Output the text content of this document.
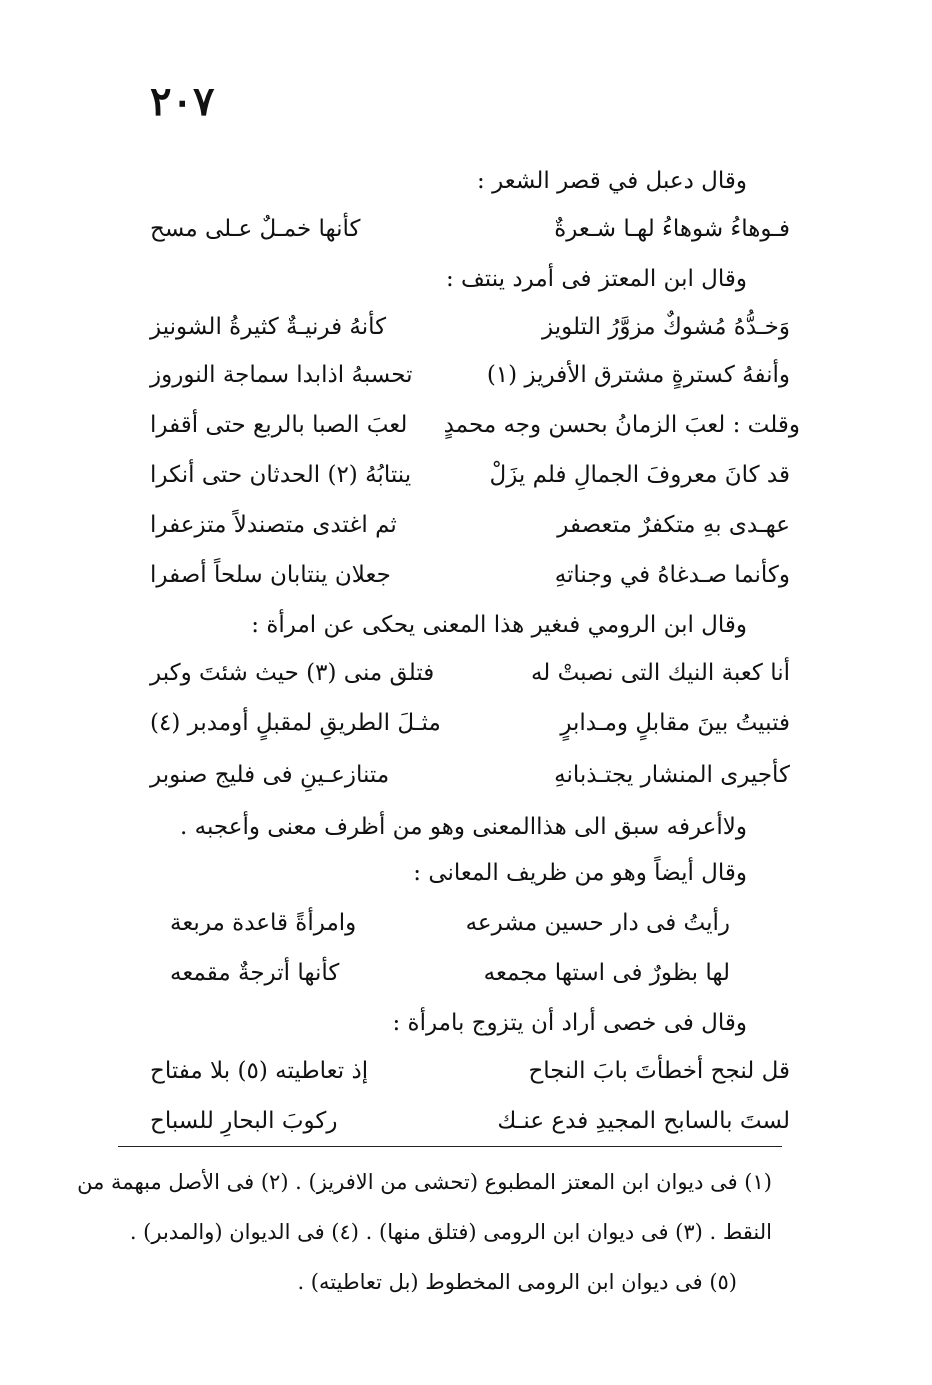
٢٠٧
وقال دعبل في قصر الشعر :
فـوهاءُ شوهاءُ لهـا شـعرةٌ
كأنها خمـلٌ عـلى مسح
وقال ابن المعتز فى أمرد ينتف :
وَخـدُّهُ مُشوكٌ مزوَّرُ التلويز
كأنهُ فرنيـةٌ كثيرةُ الشونيز
وأنفهُ كسترةٍ مشترق الأفريز (١)
تحسبهُ اذابدا سماجة النوروز
وقلت : لعبَ الزمانُ بحسن وجه محمدٍ
لعبَ الصبا بالربع حتى أقفرا
قد كانَ معروفَ الجمالِ فلم يزَلْ
ينتابُهُ (٢) الحدثان حتى أنكرا
عهـدى بهِ متكفرٌ متعصفر
ثم اغتدى متصندلاً متزعفرا
وكأنما صـدغاهُ في وجناتهِ
جعلان ينتابان سلحاً أصفرا
وقال ابن الرومي فىغير هذا المعنى يحكى عن امرأة :
أنا كعبة النيك التى نصبتْ له
فتلق منى (٣) حيث شئتَ وكبر
فتبيتُ بينَ مقابلٍ ومـدابرٍ
مثـلَ الطريقِ لمقبلٍ أومدبر (٤)
كأجيرى المنشار يجتـذبانهِ
متنازعـينِ فى فليج صنوبر
ولاأعرفه سبق الى هذاالمعنى وهو من أظرف معنى وأعجبه .
وقال أيضاً وهو من ظريف المعانى :
رأيتُ فى دار حسين مشرعه
وامرأةً قاعدة مربعة
لها بظورٌ فى استها مجمعه
كأنها أترجةٌ مقمعه
وقال فى خصى أراد أن يتزوج بامرأة :
قل لنجح أخطأتَ بابَ النجاح
إذ تعاطيته (٥) بلا مفتاح
لستَ بالسابح المجيدِ فدع عنـك
ركوبَ البحارِ للسباح
(١) فى ديوان ابن المعتز المطبوع (تحشى من الافريز) . (٢) فى الأصل مبهمة من
النقط . (٣) فى ديوان ابن الرومى (فتلق منها) . (٤) فى الديوان (والمدبر) .
(٥) فى ديوان ابن الرومى المخطوط (بل تعاطيته) .
